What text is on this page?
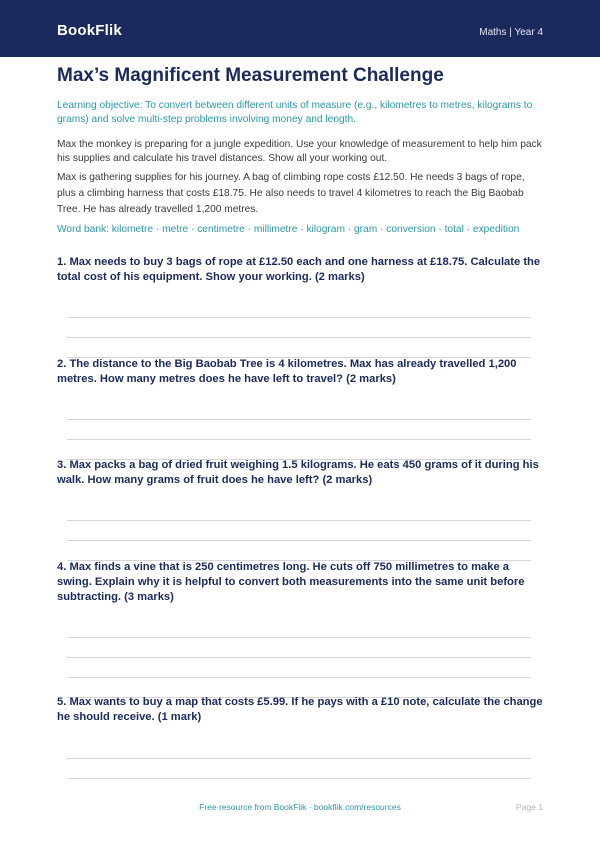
BookFlik	Maths | Year 4
Max’s Magnificent Measurement Challenge
Learning objective: To convert between different units of measure (e.g., kilometres to metres, kilograms to grams) and solve multi-step problems involving money and length.
Max the monkey is preparing for a jungle expedition. Use your knowledge of measurement to help him pack his supplies and calculate his travel distances. Show all your working out.
Max is gathering supplies for his journey. A bag of climbing rope costs £12.50. He needs 3 bags of rope, plus a climbing harness that costs £18.75. He also needs to travel 4 kilometres to reach the Big Baobab Tree. He has already travelled 1,200 metres.
Word bank: kilometre · metre · centimetre · millimetre · kilogram · gram · conversion · total · expedition
1. Max needs to buy 3 bags of rope at £12.50 each and one harness at £18.75. Calculate the total cost of his equipment. Show your working. (2 marks)
2. The distance to the Big Baobab Tree is 4 kilometres. Max has already travelled 1,200 metres. How many metres does he have left to travel? (2 marks)
3. Max packs a bag of dried fruit weighing 1.5 kilograms. He eats 450 grams of it during his walk. How many grams of fruit does he have left? (2 marks)
4. Max finds a vine that is 250 centimetres long. He cuts off 750 millimetres to make a swing. Explain why it is helpful to convert both measurements into the same unit before subtracting. (3 marks)
5. Max wants to buy a map that costs £5.99. If he pays with a £10 note, calculate the change he should receive. (1 mark)
Free resource from BookFlik · bookflik.com/resources	Page 1
